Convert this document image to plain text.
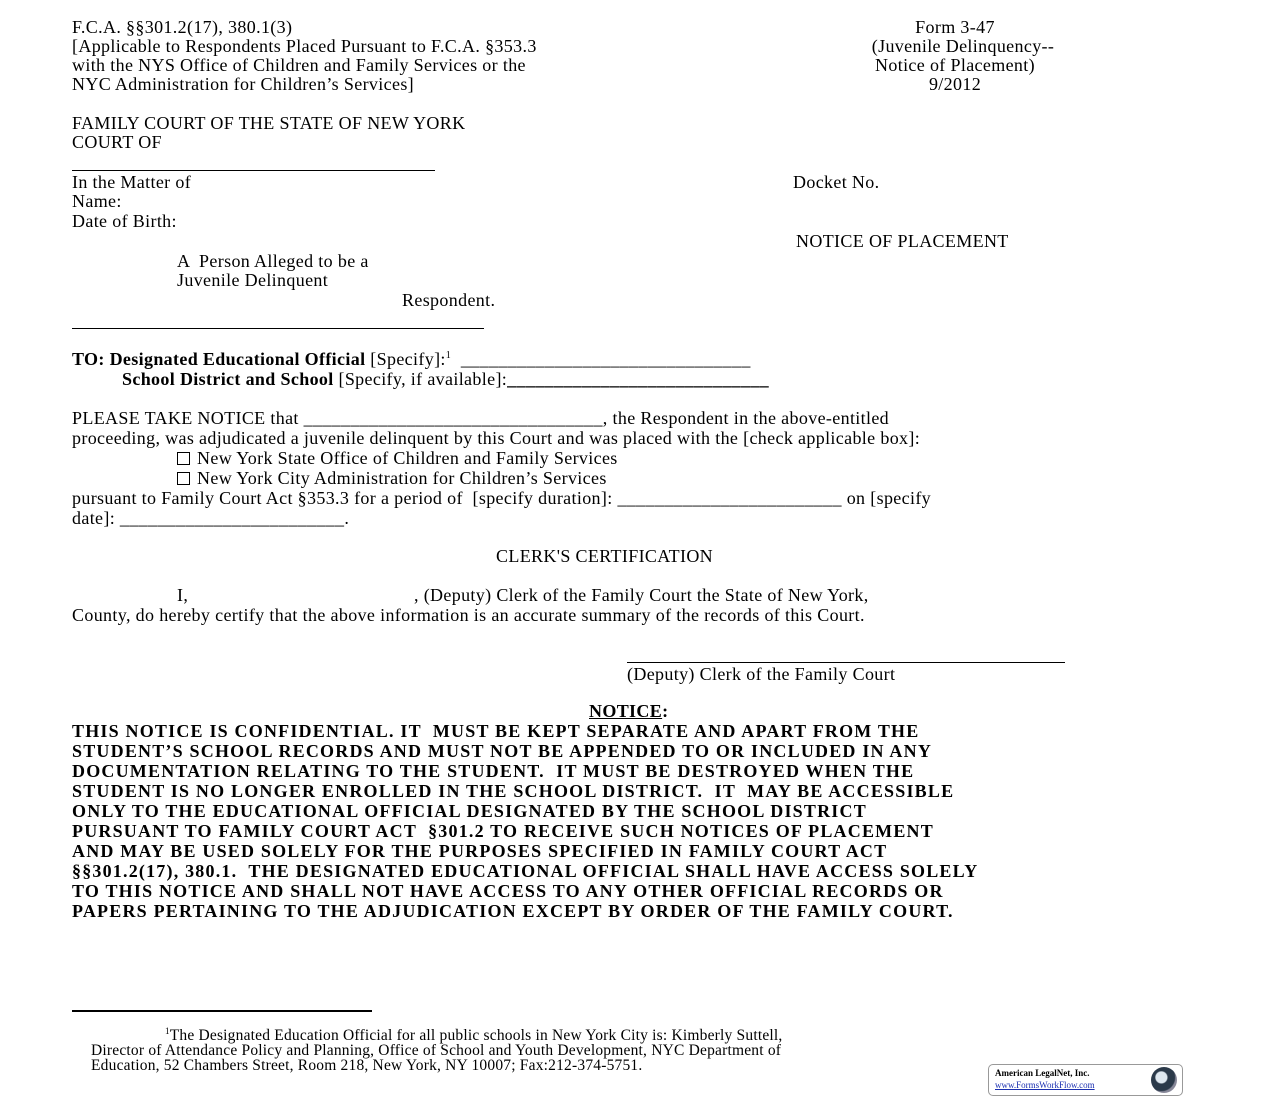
F.C.A. §§301.2(17), 380.1(3)
[Applicable to Respondents Placed Pursuant to F.C.A. §353.3
with the NYS Office of Children and Family Services or the
NYC Administration for Children’s Services]
Form 3-47
(Juvenile Delinquency--
Notice of Placement)
9/2012
FAMILY COURT OF THE STATE OF NEW YORK
COURT OF
In the Matter of
Name:
Date of Birth:
Docket No.
NOTICE OF PLACEMENT
A  Person Alleged to be a
Juvenile Delinquent
Respondent.
TO: Designated Educational Official [Specify]:$^1$  _______________________________
School District and School [Specify, if available]:____________________________
PLEASE TAKE NOTICE that ________________________________, the Respondent in the above-entitled
proceeding, was adjudicated a juvenile delinquent by this Court and was placed with the [check applicable box]:
New York State Office of Children and Family Services
New York City Administration for Children’s Services
pursuant to Family Court Act §353.3 for a period of  [specify duration]: ________________________ on [specify
date]: ________________________.
CLERK'S CERTIFICATION
I,	, (Deputy) Clerk of the Family Court the State of New York,
County, do hereby certify that the above information is an accurate summary of the records of this Court.
(Deputy) Clerk of the Family Court
NOTICE:
THIS NOTICE IS CONFIDENTIAL. IT  MUST BE KEPT SEPARATE AND APART FROM THE
STUDENT’S SCHOOL RECORDS AND MUST NOT BE APPENDED TO OR INCLUDED IN ANY
DOCUMENTATION RELATING TO THE STUDENT.  IT MUST BE DESTROYED WHEN THE
STUDENT IS NO LONGER ENROLLED IN THE SCHOOL DISTRICT.  IT  MAY BE ACCESSIBLE
ONLY TO THE EDUCATIONAL OFFICIAL DESIGNATED BY THE SCHOOL DISTRICT
PURSUANT TO FAMILY COURT ACT  §301.2 TO RECEIVE SUCH NOTICES OF PLACEMENT
AND MAY BE USED SOLELY FOR THE PURPOSES SPECIFIED IN FAMILY COURT ACT
§§301.2(17), 380.1.  THE DESIGNATED EDUCATIONAL OFFICIAL SHALL HAVE ACCESS SOLELY
TO THIS NOTICE AND SHALL NOT HAVE ACCESS TO ANY OTHER OFFICIAL RECORDS OR
PAPERS PERTAINING TO THE ADJUDICATION EXCEPT BY ORDER OF THE FAMILY COURT.
$^1$The Designated Education Official for all public schools in New York City is: Kimberly Suttell,
Director of Attendance Policy and Planning, Office of School and Youth Development, NYC Department of
Education, 52 Chambers Street, Room 218, New York, NY 10007; Fax:212-374-5751.	American LegalNet, Inc.
www.FormsWorkFlow.com
